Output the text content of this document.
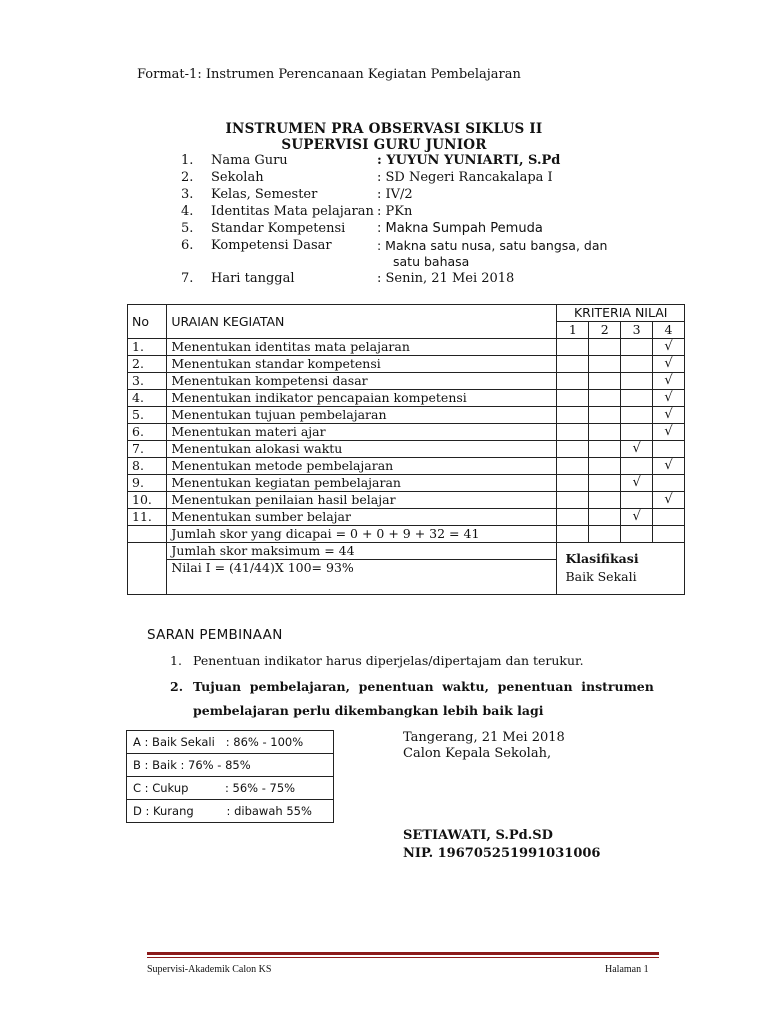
Format-1: Instrumen Perencanaan Kegiatan Pembelajaran
INSTRUMEN PRA OBSERVASI SIKLUS II
SUPERVISI GURU JUNIOR
1.	Nama Guru	: YUYUN YUNIARTI, S.Pd
2.	Sekolah	: SD Negeri Rancakalapa I
3.	Kelas, Semester	: IV/2
4.	Identitas Mata pelajaran : PKn
5.	Standar Kompetensi : Makna Sumpah Pemuda
6.	Kompetensi Dasar	: Makna satu nusa, satu bangsa, dan
satu bahasa
7.	Hari tanggal	: Senin, 21 Mei 2018
No	URAIAN KEGIATAN	KRITERIA NILAI			
		1	2	3	4
1.	Menentukan identitas mata pelajaran				√
2.	Menentukan standar kompetensi				√
3.	Menentukan kompetensi dasar				√
4.	Menentukan indikator pencapaian kompetensi				√
5.	Menentukan tujuan pembelajaran				√
6.	Menentukan materi ajar				√
7.	Menentukan alokasi waktu			√	
8.	Menentukan metode pembelajaran				√
9.	Menentukan kegiatan pembelajaran			√	
10.	Menentukan penilaian hasil belajar				√
11.	Menentukan sumber belajar			√	
	Jumlah skor yang dicapai = 0 + 0 + 9 + 32 = 41				
	Jumlah skor maksimum = 44	Klasifikasi
Baik Sekali			

	Nilai I = (41/44)X 100= 93%				
SARAN PEMBINAAN
1. Penentuan indikator harus diperjelas/dipertajam dan terukur.
2. Tujuan  pembelajaran,  penentuan  waktu,  penentuan  instrumen
pembelajaran perlu dikembangkan lebih baik lagi
A : Baik Sekali   : 86% - 100%
B : Baik : 76% - 85%
C : Cukup          : 56% - 75%
D : Kurang         : dibawah 55%
Tangerang, 21 Mei 2018
Calon Kepala Sekolah,
SETIAWATI, S.Pd.SD
NIP. 196705251991031006
Supervisi-Akademik Calon KS	Halaman 1
